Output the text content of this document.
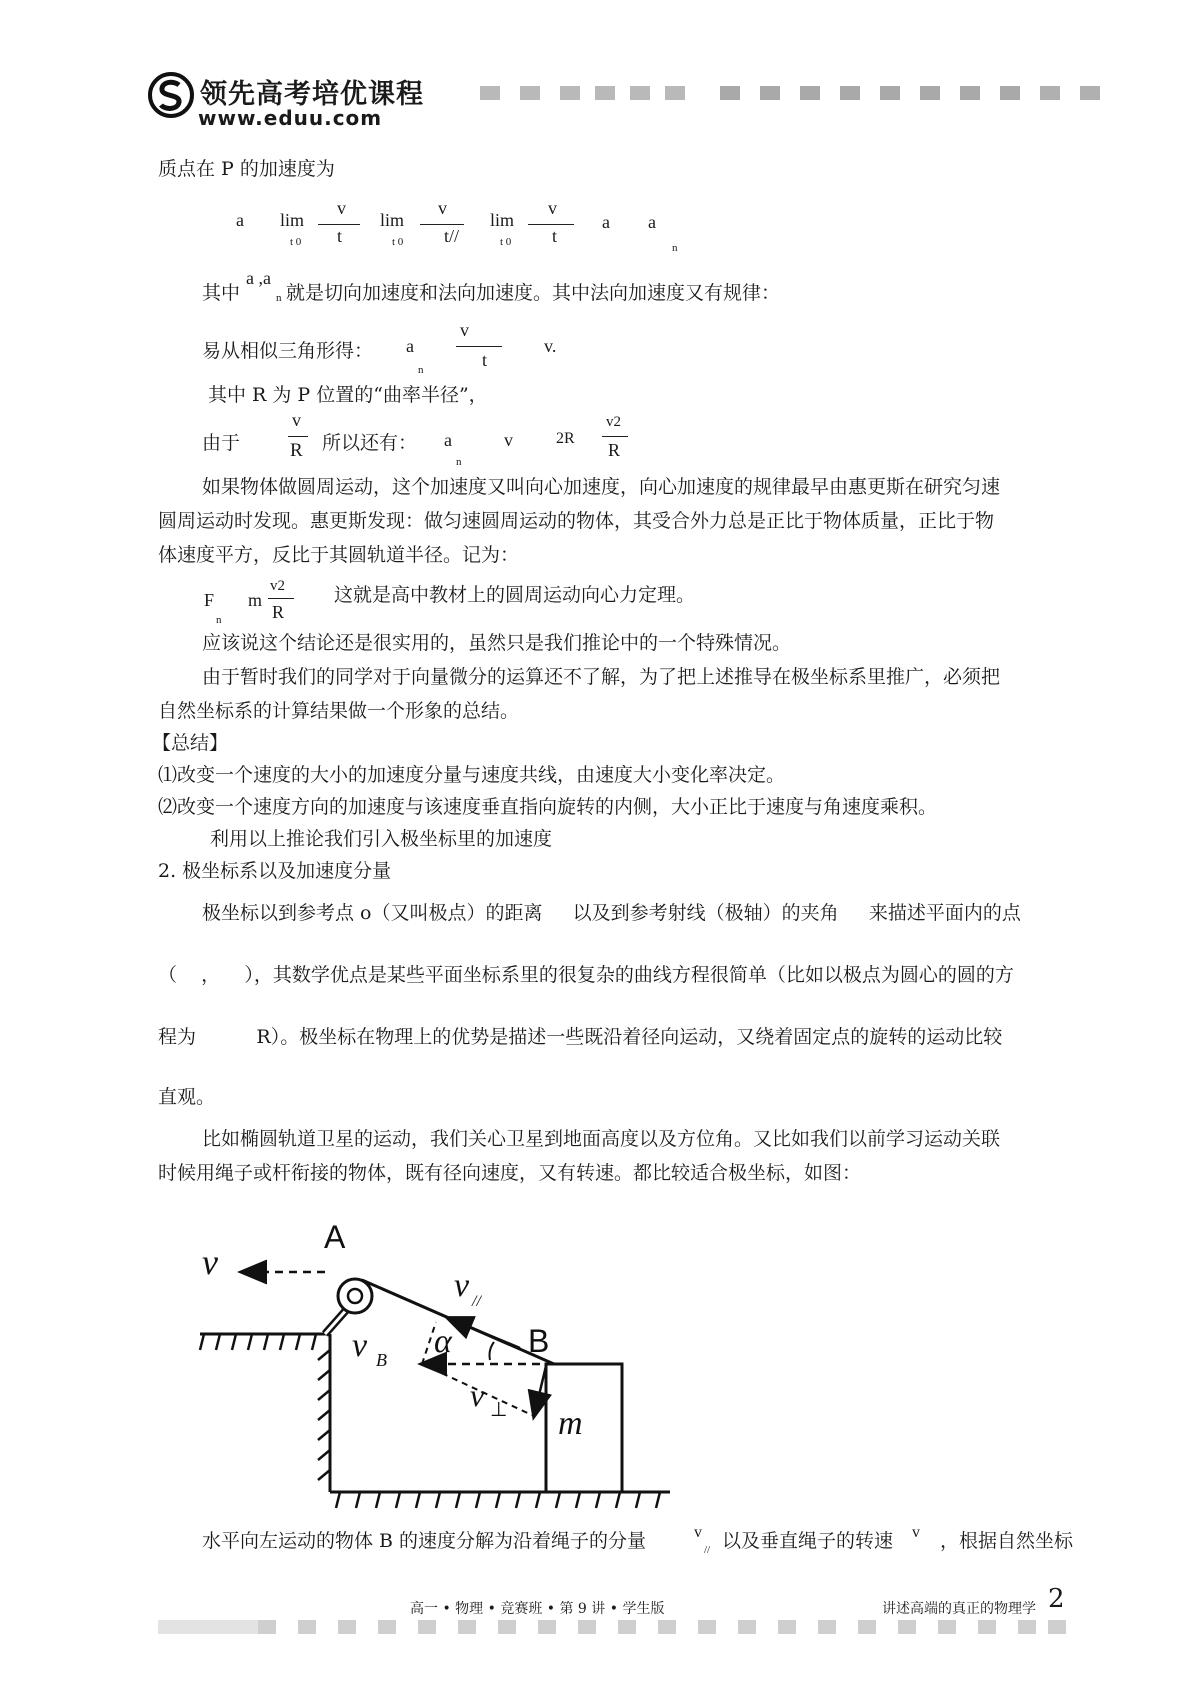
领先高考培优课程
www.eduu.com
质点在 P 的加速度为
a lim
t 0
v
t
lim
t 0
v
t//
lim
t 0
v
t
a a
n
其中
a ,a
n 就是切向加速度和法向加速度。其中法向加速度又有规律：
易从相似三角形得： a
n
v
t
v.
其中 R 为 P 位置的“曲率半径”，
由于
v
R 所以还有： a
n
v	2R
v2
R
如果物体做圆周运动，这个加速度又叫向心加速度，向心加速度的规律最早由惠更斯在研究匀速
圆周运动时发现。惠更斯发现：做匀速圆周运动的物体，其受合外力总是正比于物体质量，正比于物
体速度平方，反比于其圆轨道半径。记为：
F
n
m
v2
R
这就是高中教材上的圆周运动向心力定理。
应该说这个结论还是很实用的，虽然只是我们推论中的一个特殊情况。
由于暂时我们的同学对于向量微分的运算还不了解，为了把上述推导在极坐标系里推广，必须把
自然坐标系的计算结果做一个形象的总结。
【总结】
⑴改变一个速度的大小的加速度分量与速度共线，由速度大小变化率决定。
⑵改变一个速度方向的加速度与该速度垂直指向旋转的内侧，大小正比于速度与角速度乘积。
利用以上推论我们引入极坐标里的加速度
2. 极坐标系以及加速度分量
极坐标以到参考点 o（又叫极点）的距离     以及到参考射线（极轴）的夹角     来描述平面内的点
（    ，    ），其数学优点是某些平面坐标系里的很复杂的曲线方程很简单（比如以极点为圆心的圆的方
程为          R）。极坐标在物理上的优势是描述一些既沿着径向运动，又绕着固定点的旋转的运动比较
直观。
比如椭圆轨道卫星的运动，我们关心卫星到地面高度以及方位角。又比如我们以前学习运动关联
时候用绳子或杆衔接的物体，既有径向速度，又有转速。都比较适合极坐标，如图：
A
v
v //
B
v B α
v ⊥ m
水平向左运动的物体 B 的速度分解为沿着绳子的分量	v
// 以及垂直绳子的转速 v ，根据自然坐标
高一 • 物理 • 竞赛班 • 第 9 讲 • 学生版	讲述高端的真正的物理学 2
